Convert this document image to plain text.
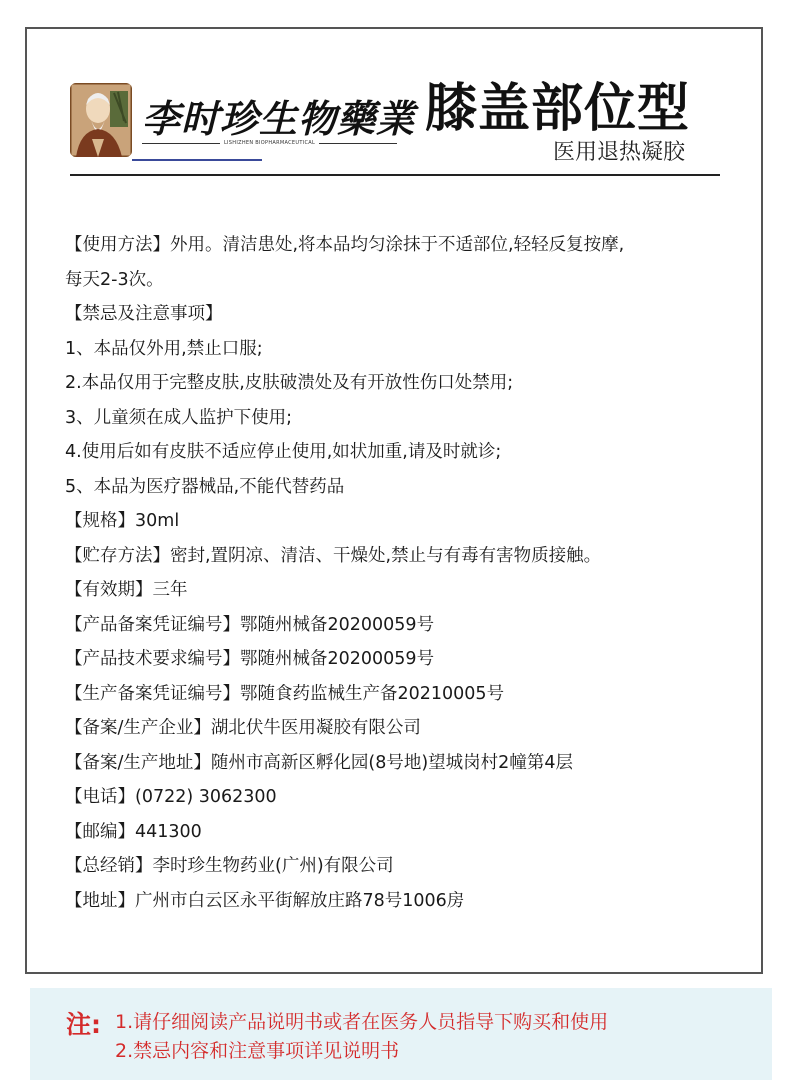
李时珍生物藥業
LISHIZHEN BIOPHARMACEUTICAL
膝盖部位型
医用退热凝胶
【使用方法】外用。清洁患处,将本品均匀涂抹于不适部位,轻轻反复按摩,
每天2-3次。
【禁忌及注意事项】
1、本品仅外用,禁止口服;
2.本品仅用于完整皮肤,皮肤破溃处及有开放性伤口处禁用;
3、儿童须在成人监护下使用;
4.使用后如有皮肤不适应停止使用,如状加重,请及时就诊;
5、本品为医疗器械品,不能代替药品
【规格】30ml
【贮存方法】密封,置阴凉、清洁、干燥处,禁止与有毒有害物质接触。
【有效期】三年
【产品备案凭证编号】鄂随州械备20200059号
【产品技术要求编号】鄂随州械备20200059号
【生产备案凭证编号】鄂随食药监械生产备20210005号
【备案/生产企业】湖北伏牛医用凝胶有限公司
【备案/生产地址】随州市高新区孵化园(8号地)望城岗村2幢第4层
【电话】(0722) 3062300
【邮编】441300
【总经销】李时珍生物药业(广州)有限公司
【地址】广州市白云区永平街解放庄路78号1006房
注: 1.请仔细阅读产品说明书或者在医务人员指导下购买和使用
2.禁忌内容和注意事项详见说明书
